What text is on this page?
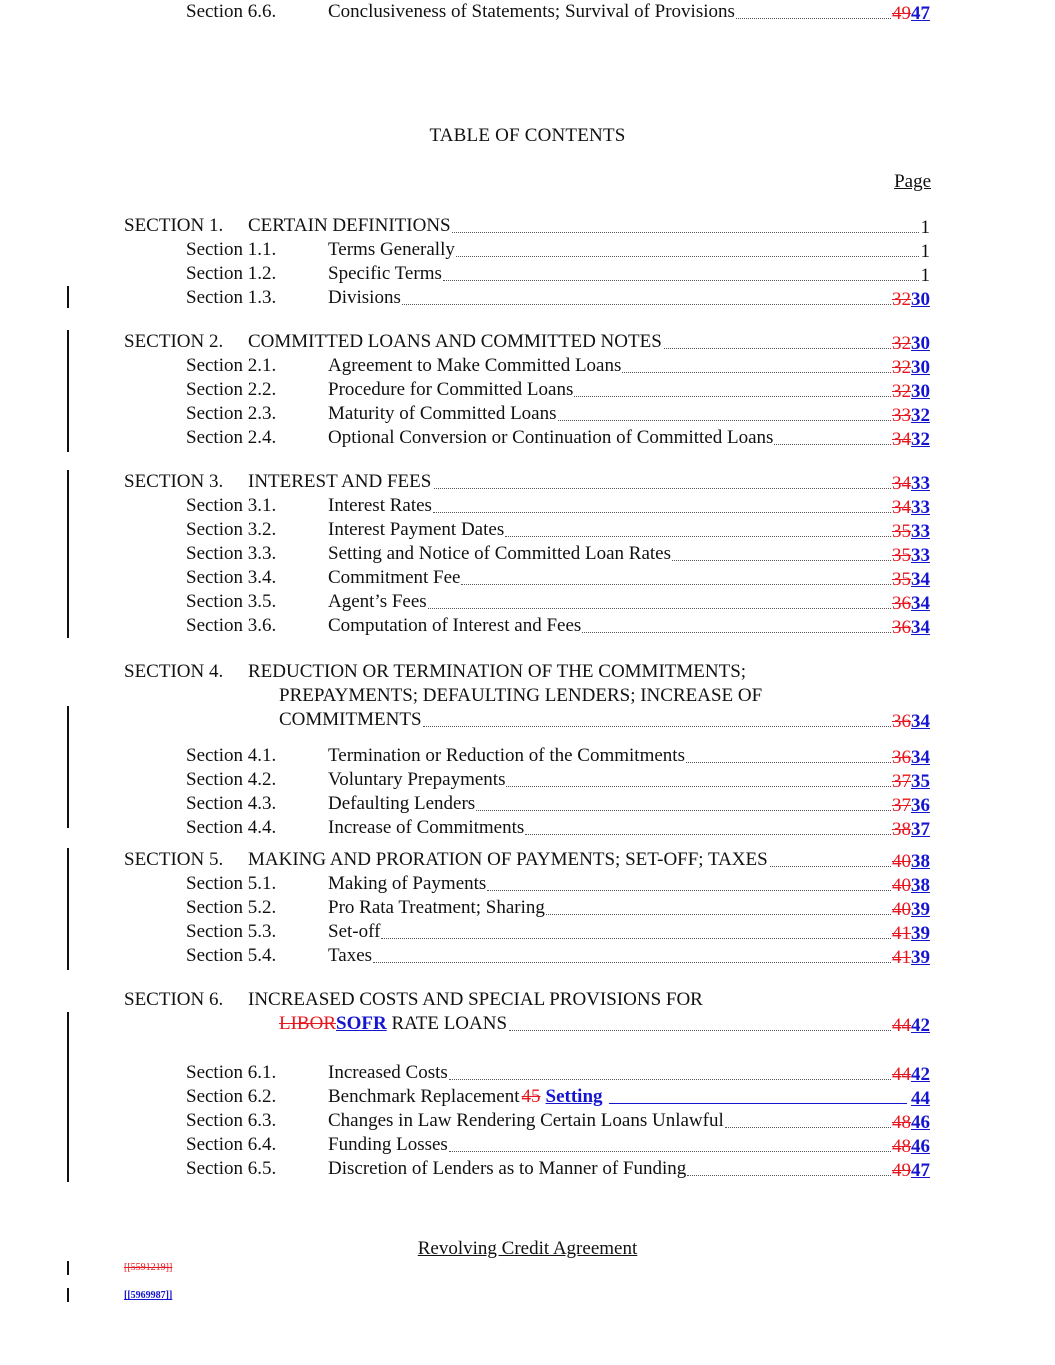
TABLE OF CONTENTS
Page
SECTION 1. CERTAIN DEFINITIONS	1
Section 1.1.	Terms Generally	1
Section 1.2.	Specific Terms	1
Section 1.3.	Divisions	3230
SECTION 2. COMMITTED LOANS AND COMMITTED NOTES	3230
Section 2.1.	Agreement to Make Committed Loans	3230
Section 2.2.	Procedure for Committed Loans	3230
Section 2.3.	Maturity of Committed Loans	3332
Section 2.4.	Optional Conversion or Continuation of Committed Loans	3432
SECTION 3. INTEREST AND FEES	3433
Section 3.1.	Interest Rates	3433
Section 3.2.	Interest Payment Dates	3533
Section 3.3.	Setting and Notice of Committed Loan Rates	3533
Section 3.4.	Commitment Fee	3534
Section 3.5.	Agent’s Fees	3634
Section 3.6.	Computation of Interest and Fees	3634
SECTION 4. REDUCTION OR TERMINATION OF THE COMMITMENTS;
PREPAYMENTS; DEFAULTING LENDERS; INCREASE OF
COMMITMENTS	3634
Section 4.1.	Termination or Reduction of the Commitments	3634
Section 4.2.	Voluntary Prepayments	3735
Section 4.3.	Defaulting Lenders	3736
Section 4.4.	Increase of Commitments	3837
SECTION 5. MAKING AND PRORATION OF PAYMENTS; SET-OFF; TAXES	4038
Section 5.1.	Making of Payments	4038
Section 5.2.	Pro Rata Treatment; Sharing	4039
Section 5.3.	Set-off	4139
Section 5.4.	Taxes	4139
SECTION 6. INCREASED COSTS AND SPECIAL PROVISIONS FOR
LIBORSOFR RATE LOANS	4442
Section 6.1.	Increased Costs	4442
Section 6.2.	Benchmark Replacement 45 Setting	44
Section 6.3.	Changes in Law Rendering Certain Loans Unlawful	4846
Section 6.4.	Funding Losses	4846
Section 6.5.	Discretion of Lenders as to Manner of Funding	4947
Section 6.6.	Conclusiveness of Statements; Survival of Provisions	4947
Revolving Credit Agreement
[[5591219]]
[[5969987]]
